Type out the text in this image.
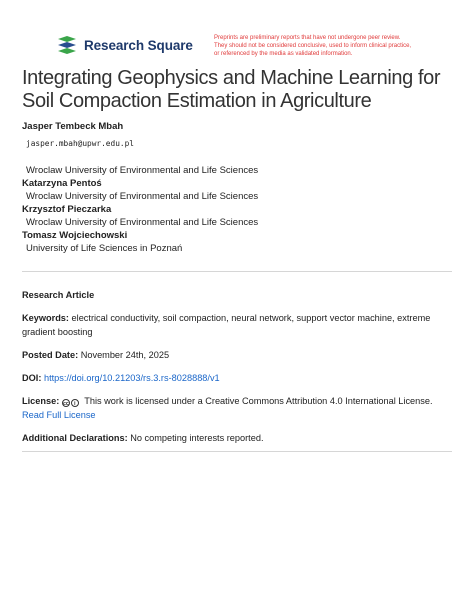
Research Square	Preprints are preliminary reports that have not undergone peer review.
They should not be considered conclusive, used to inform clinical practice,
or referenced by the media as validated information.
Integrating Geophysics and Machine Learning for
Soil Compaction Estimation in Agriculture
Jasper Tembeck Mbah
jasper.mbah@upwr.edu.pl
Wroclaw University of Environmental and Life Sciences
Katarzyna Pentoś
Wroclaw University of Environmental and Life Sciences
Krzysztof Pieczarka
Wroclaw University of Environmental and Life Sciences
Tomasz Wojciechowski
University of Life Sciences in Poznań
Research Article
Keywords: electrical conductivity, soil compaction, neural network, support vector machine, extreme
gradient boosting
Posted Date: November 24th, 2025
DOI: https://doi.org/10.21203/rs.3.rs-8028888/v1
License: cc	i This work is licensed under a Creative Commons Attribution 4.0 International License.
Read Full License
Additional Declarations: No competing interests reported.
